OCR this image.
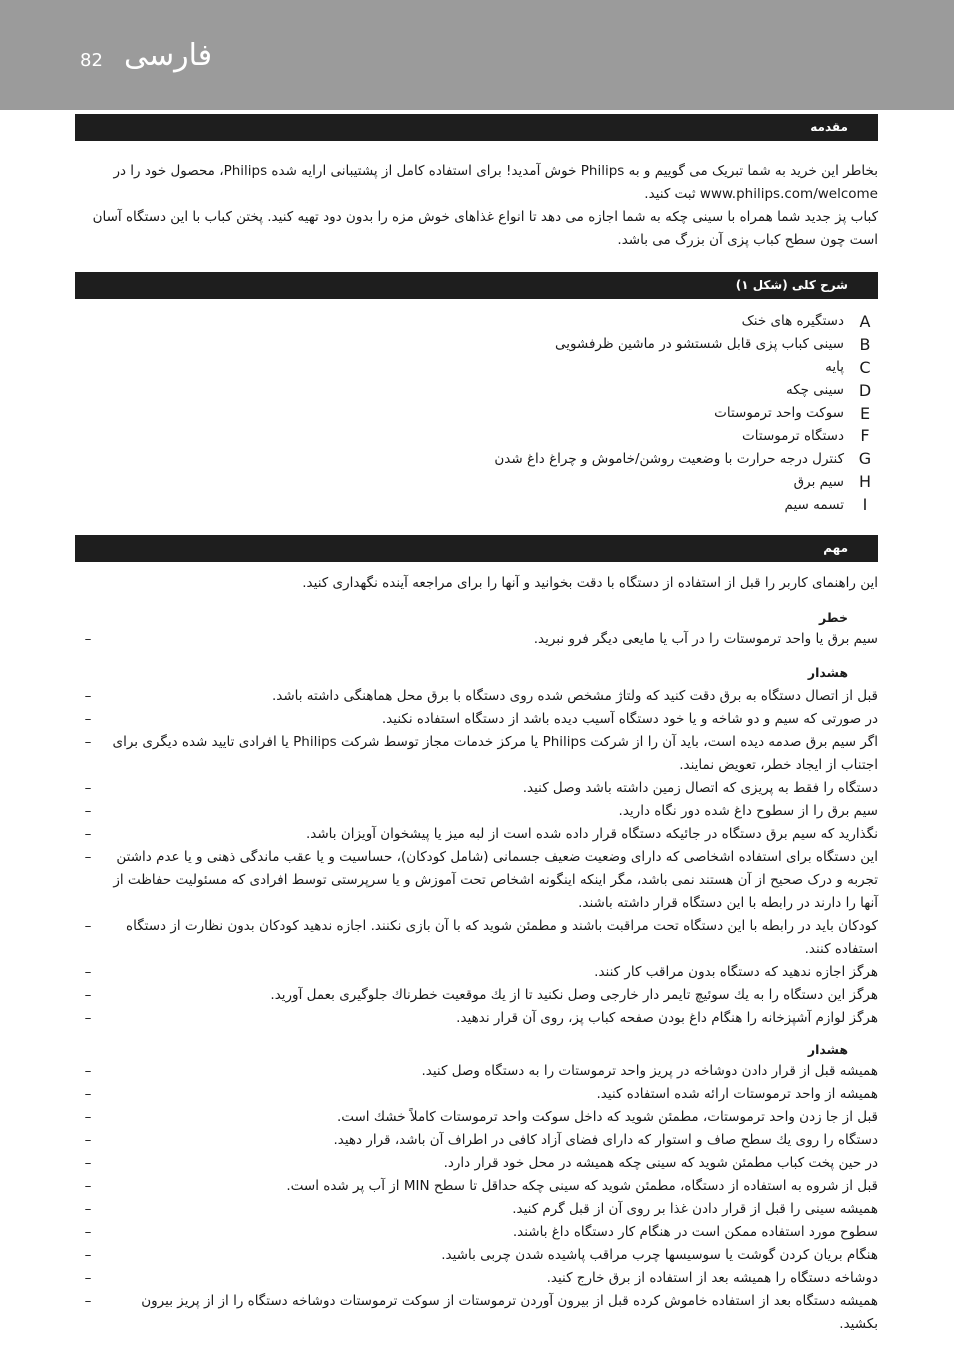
82 فارسی
مقدمه

بخاطر این خرید به شما تبریک می گوییم و به Philips خوش آمدید! برای استفاده کامل از پشتیبانی ارایه شده Philips، محصول خود را در www.philips.com/welcome ثبت کنید.

کباب پز جدید شما همراه با سینی چکه به شما اجازه می دهد تا انواع غذاهای خوش مزه را بدون دود تهیه کنید. پختن کباب با این دستگاه آسان است چون سطح کباب پزی آن بزرگ می باشد.

شرح کلی (شکل ۱)
دستگیره های خنک A
سینی کباب پزی قابل شستشو در ماشین ظرفشویی B
پایه C
سینی چکه D
سوکت واحد ترموستات E
دستگاه ترموستات	F
کنترل درجه حرارت با وضعیت روشن/خاموش و چراغ داغ شدن G
سیم برق H
تسمه سیم	I
مهم
این راهنمای کاربر را قبل از استفاده از دستگاه با دقت بخوانید و آنها را برای مراجعه آینده نگهداری کنید.
خطر
–	سیم برق یا واحد ترموستات را در آب یا مایعی دیگر فرو نبرید.
هشدار
–	قبل از اتصال دستگاه به برق دقت کنید که ولتاژ مشخص شده روی دستگاه با برق محل هماهنگی داشته باشد.
–	در صورتی که سیم و دو شاخه و یا خود دستگاه آسیب دیده باشد از دستگاه استفاده نکنید.
–	اگر سیم برق صدمه دیده است، باید آن را از شرکت Philips یا مرکز خدمات مجاز توسط شرکت Philips یا افرادی تایید شده دیگری برای اجتناب از ایجاد خطر، تعویض نمایند.
–	دستگاه را فقط به پریزی که اتصال زمین داشته باشد وصل کنید.
–	سیم برق را از سطوح داغ شده دور نگاه دارید.
–	نگذارید که سیم برق دستگاه در جائیکه دستگاه قرار داده شده است از لبه میز یا پیشخوان آویزان باشد.
–	این دستگاه برای استفاده اشخاصی که دارای وضعیت ضعیف جسمانی (شامل کودکان)، حساسیت و یا عقب ماندگی ذهنی و یا عدم داشتن تجربه و درک صحیح از آن هستند نمی باشد، مگر اینکه اینگونه اشخاص تحت آموزش و یا سرپرستی توسط افرادی که مسئولیت حفاظت از آنها را دارند در رابطه با این دستگاه قرار داشته باشند.
–	کودکان باید در رابطه با این دستگاه تحت مراقبت باشند و مطمئن شوید که با آن بازی نکنند. اجازه ندهید کودکان بدون نظارت از دستگاه استفاده کنند.
–	هرگز اجازه ندهید که دستگاه بدون مراقب کار کنند.
–	هرگز این دستگاه را به یك سوئیچ تایمر دار خارجی وصل نكنید تا از یك موقعیت خطرناك جلوگیری بعمل آورید.
–	هرگز لوازم آشپزخانه را هنگام داغ بودن صفحه کباب پز، روی آن قرار ندهید.
هشدار
–	همیشه قبل از قرار دادن دوشاخه در پریز واحد ترموستات را به دستگاه وصل کنید.
–	همیشه از واحد ترموستات ارائه شده استفاده کنید.
–	قبل از جا زدن واحد ترموستات، مطمئن شوید که داخل سوکت واحد ترموستات کاملاً خشك است.
–	دستگاه را روی یك سطح صاف و استوار كه دارای فضای آزاد كافی در اطراف آن باشد، قرار دهید.
–	در حین پخت کباب مطمئن شوید که سینی چکه همیشه در محل خود قرار دارد.
–	قبل از شروه به استفاده از دستگاه، مطمئن شوید که سینی چکه حداقل تا سطح MIN از آب پر شده است.
–	همیشه سینی را قبل از قرار دادن غذا بر روی آن از قبل گرم کنید.
–	سطوح مورد استفاده ممکن است در هنگام کار دستگاه داغ باشند.
–	هنگام بریان کردن گوشت یا سوسیسها چرب مراقب پاشیده شدن چربی باشید.
–	دوشاخه دستگاه را همیشه بعد از استفاده از برق خارج کنید.
–	همیشه دستگاه بعد از استفاده خاموش کرده قبل از بیرون آوردن ترموستات از سوکت ترموستات دوشاخه دستگاه را از از پریز بیرون بکشید.
